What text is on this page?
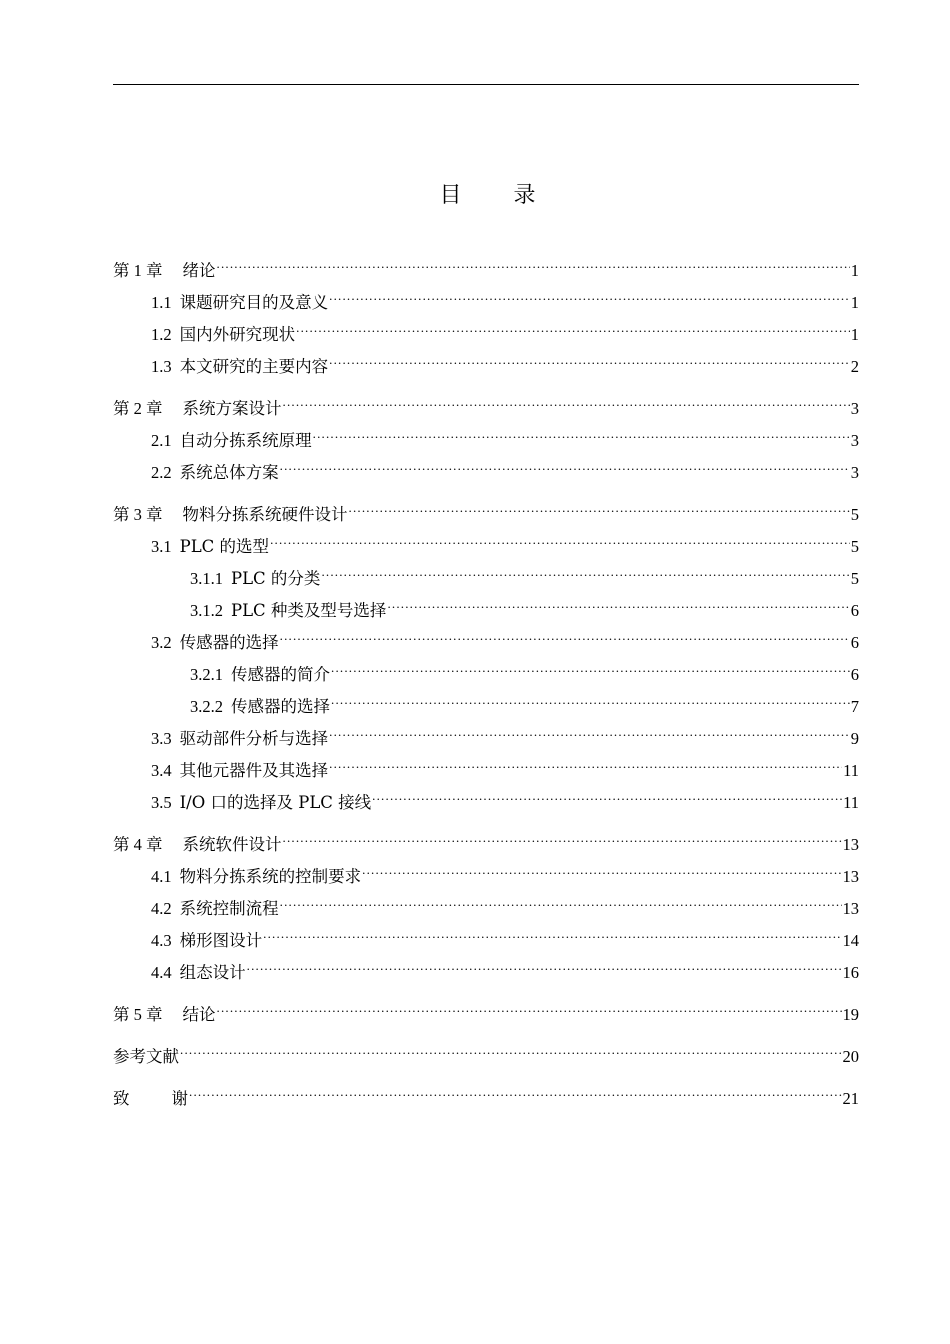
目 录
第 1 章 绪论 .....	1
1.1 课题研究目的及意义 .....	1
1.2 国内外研究现状 .....	1
1.3 本文研究的主要内容 .....	2
第 2 章 系统方案设计 .....	3
2.1 自动分拣系统原理 .....	3
2.2 系统总体方案 .....	3
第 3 章 物料分拣系统硬件设计 .....	5
3.1 PLC 的选型 .....	5
3.1.1 PLC 的分类 .....	5
3.1.2 PLC 种类及型号选择 .....	6
3.2 传感器的选择 .....	6
3.2.1 传感器的简介 .....	6
3.2.2 传感器的选择 .....	7
3.3 驱动部件分析与选择 .....	9
3.4 其他元器件及其选择 .....	11
3.5 I/O 口的选择及 PLC 接线 .....	11
第 4 章 系统软件设计 .....	13
4.1 物料分拣系统的控制要求 .....	13
4.2 系统控制流程 .....	13
4.3 梯形图设计 .....	14
4.4 组态设计 .....	16
第 5 章 结论 .....	19
参考文献 .....	20
致	谢 .....	21
